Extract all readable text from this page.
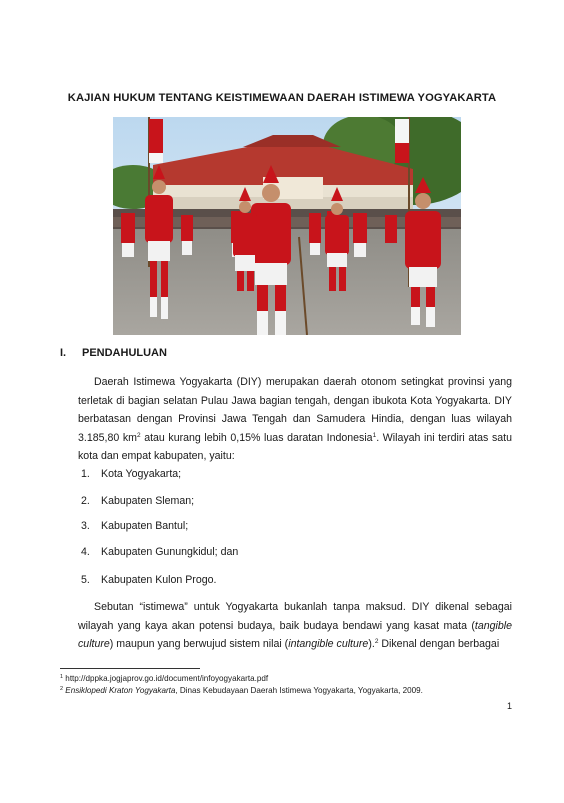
KAJIAN HUKUM TENTANG KEISTIMEWAAN DAERAH ISTIMEWA YOGYAKARTA
I. PENDAHULUAN
Daerah Istimewa Yogyakarta (DIY) merupakan daerah otonom setingkat provinsi yang terletak di bagian selatan Pulau Jawa bagian tengah, dengan ibukota Kota Yogyakarta. DIY berbatasan dengan Provinsi Jawa Tengah dan Samudera Hindia, dengan luas wilayah 3.185,80 $km^2$ atau kurang lebih 0,15% luas daratan Indonesia$^1$. Wilayah ini terdiri atas satu kota dan empat kabupaten, yaitu:
1. Kota Yogyakarta;
2. Kabupaten Sleman;
3. Kabupaten Bantul;
4. Kabupaten Gunungkidul; dan
5. Kabupaten Kulon Progo.
Sebutan “istimewa” untuk Yogyakarta bukanlah tanpa maksud. DIY dikenal sebagai wilayah yang kaya akan potensi budaya, baik budaya bendawi yang kasat mata (tangible culture) maupun yang berwujud sistem nilai (intangible culture).$^2$ Dikenal dengan berbagai
$^1$ http://dppka.jogjaprov.go.id/document/infoyogyakarta.pdf
$^2$ Ensiklopedi Kraton Yogyakarta, Dinas Kebudayaan Daerah Istimewa Yogyakarta, Yogyakarta, 2009.
1
